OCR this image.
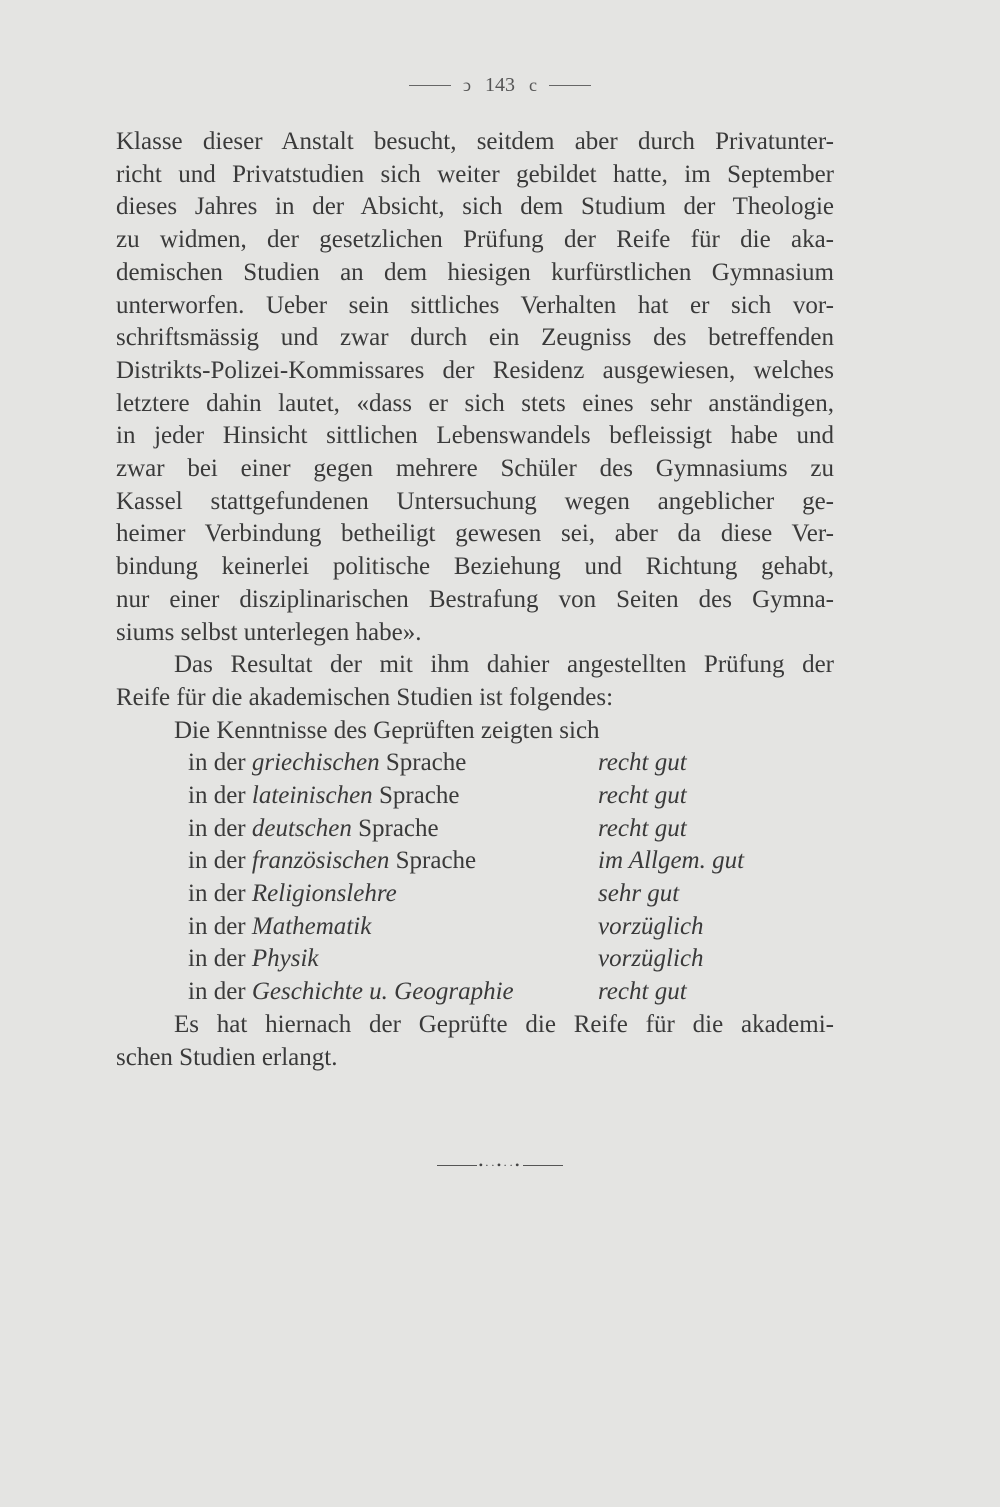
ↄ 143 c
Klasse dieser Anstalt besucht, seitdem aber durch Privatunter-
richt und Privatstudien sich weiter gebildet hatte, im September
dieses Jahres in der Absicht, sich dem Studium der Theologie
zu widmen, der gesetzlichen Prüfung der Reife für die aka-
demischen Studien an dem hiesigen kurfürstlichen Gymnasium
unterworfen. Ueber sein sittliches Verhalten hat er sich vor-
schriftsmässig und zwar durch ein Zeugniss des betreffenden
Distrikts-Polizei-Kommissares der Residenz ausgewiesen, welches
letztere dahin lautet, «dass er sich stets eines sehr anständigen,
in jeder Hinsicht sittlichen Lebenswandels befleissigt habe und
zwar bei einer gegen mehrere Schüler des Gymnasiums zu
Kassel stattgefundenen Untersuchung wegen angeblicher ge-
heimer Verbindung betheiligt gewesen sei, aber da diese Ver-
bindung keinerlei politische Beziehung und Richtung gehabt,
nur einer disziplinarischen Bestrafung von Seiten des Gymna-
siums selbst unterlegen habe».
Das Resultat der mit ihm dahier angestellten Prüfung der
Reife für die akademischen Studien ist folgendes:
Die Kenntnisse des Geprüften zeigten sich
in der griechischen Sprache	recht gut
in der lateinischen Sprache	recht gut
in der deutschen Sprache	recht gut
in der französischen Sprache	im Allgem. gut
in der Religionslehre	sehr gut
in der Mathematik	vorzüglich
in der Physik	vorzüglich
in der Geschichte u. Geographie	recht gut
Es hat hiernach der Geprüfte die Reife für die akademi-
schen Studien erlangt.
•··•··•
